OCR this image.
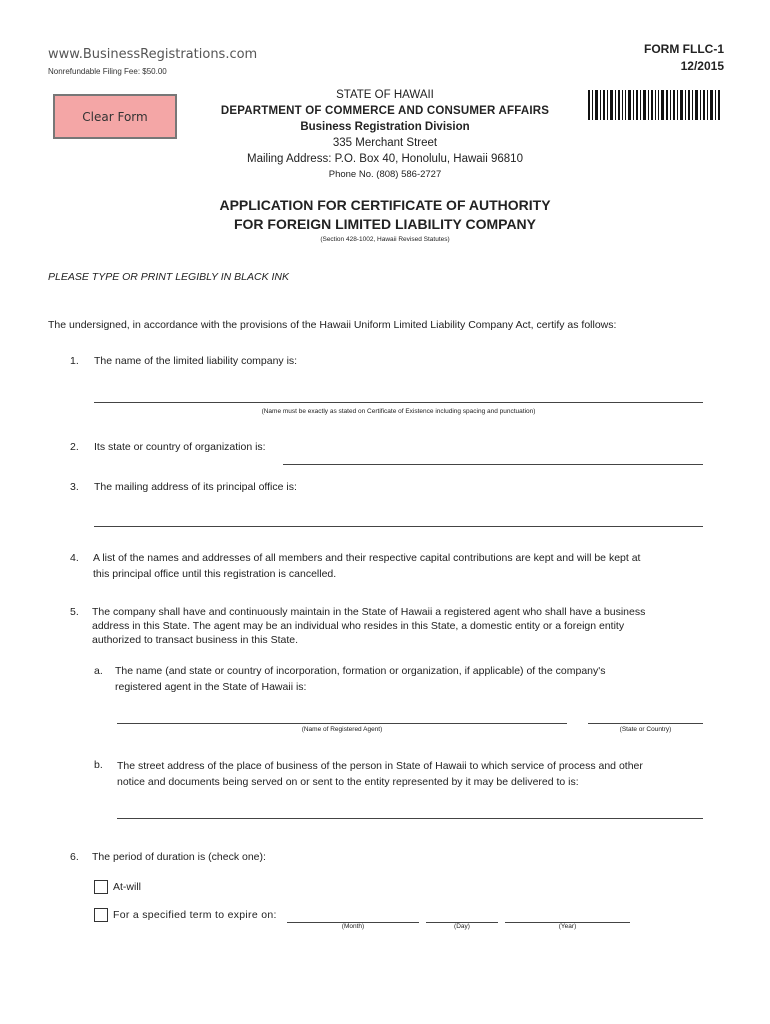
www.BusinessRegistrations.com
Nonrefundable Filing Fee: $50.00
FORM FLLC-1
12/2015
Clear Form
STATE OF HAWAII
DEPARTMENT OF COMMERCE AND CONSUMER AFFAIRS
Business Registration Division
335 Merchant Street
Mailing Address: P.O. Box 40, Honolulu, Hawaii 96810
Phone No. (808) 586-2727
APPLICATION FOR CERTIFICATE OF AUTHORITY
FOR FOREIGN LIMITED LIABILITY COMPANY
(Section 428-1002, Hawaii Revised Statutes)
PLEASE TYPE OR PRINT LEGIBLY IN BLACK INK
The undersigned, in accordance with the provisions of the Hawaii Uniform Limited Liability Company Act, certify as follows:
1. The name of the limited liability company is:
(Name must be exactly as stated on Certificate of Existence including spacing and punctuation)
2. Its state or country of organization is:
3. The mailing address of its principal office is:
4. A list of the names and addresses of all members and their respective capital contributions are kept and will be kept at
this principal office until this registration is cancelled.
5. The company shall have and continuously maintain in the State of Hawaii a registered agent who shall have a business
address in this State. The agent may be an individual who resides in this State, a domestic entity or a foreign entity
authorized to transact business in this State.
a. The name (and state or country of incorporation, formation or organization, if applicable) of the company's
registered agent in the State of Hawaii is:
(Name of Registered Agent)	(State or Country)
b. The street address of the place of business of the person in State of Hawaii to which service of process and other
notice and documents being served on or sent to the entity represented by it may be delivered to is:
6. The period of duration is (check one):
At-will
For a specified term to expire on:
(Month)	(Day)	(Year)
